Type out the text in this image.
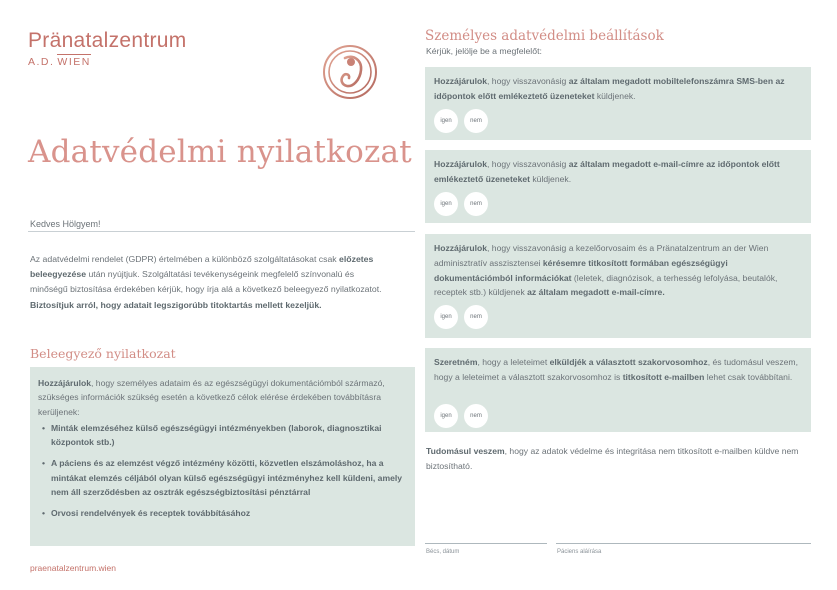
Pränatalzentrum
A.D. WIEN
Adatvédelmi nyilatkozat
Kedves Hölgyem!
Az adatvédelmi rendelet (GDPR) értelmében a különböző szolgáltatásokat csak előzetes beleegyezése után nyújtjuk. Szolgáltatási tevékenységeink megfelelő színvonalú és minőségű biztosítása érdekében kérjük, hogy írja alá a következő beleegyező nyilatkozatot. Biztosítjuk arról, hogy adatait legszigorúbb titoktartás mellett kezeljük.
Beleegyező nyilatkozat
Hozzájárulok, hogy személyes adataim és az egészségügyi dokumentációmból származó, szükséges információk szükség esetén a következő célok elérése érdekében továbbításra kerüljenek:
• Minták elemzéséhez külső egészségügyi intézményekben (laborok, diagnosztikai központok stb.)
• A páciens és az elemzést végző intézmény közötti, közvetlen elszámoláshoz, ha a mintákat elemzés céljából olyan külső egészségügyi intézményhez kell küldeni, amely nem áll szerződésben az osztrák egészségbiztosítási pénztárral
• Orvosi rendelvények és receptek továbbításához
praenatalzentrum.wien
Személyes adatvédelmi beállítások
Kérjük, jelölje be a megfelelőt:

Hozzájárulok, hogy visszavonásig az általam megadott mobiltelefonszámra SMS-ben az időpontok előtt emlékeztető üzeneteket küldjenek.

igen	nem

Hozzájárulok, hogy visszavonásig az általam megadott e-mail-címre az időpontok előtt emlékeztető üzeneteket küldjenek.

igen	nem

Hozzájárulok, hogy visszavonásig a kezelőorvosaim és a Pränatalzentrum an der Wien adminisztratív asszisztensei kérésemre titkosított formában egészségügyi dokumentációmból információkat (leletek, diagnózisok, a terhesség lefolyása, beutalók, receptek stb.) küldjenek az általam megadott e-mail-címre.

igen	nem

Szeretném, hogy a leleteimet elküldjék a választott szakorvosomhoz, és tudomásul veszem, hogy a leleteimet a választott szakorvosomhoz is titkosított e-mailben lehet csak továbbítani.

igen	nem
Tudomásul veszem, hogy az adatok védelme és integritása nem titkosított e-mailben küldve nem biztosítható.
Bécs, dátum	Páciens aláírása
